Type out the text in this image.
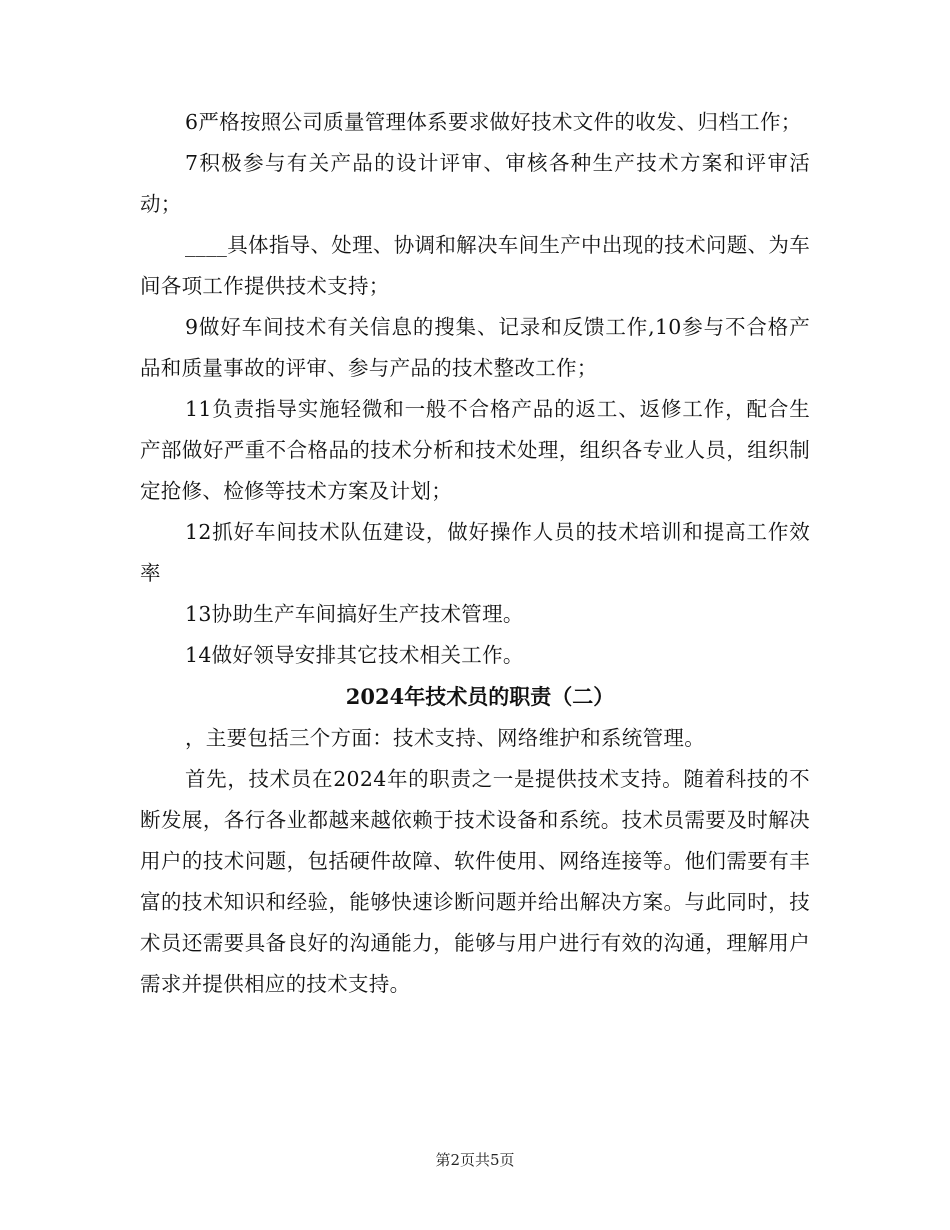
6严格按照公司质量管理体系要求做好技术文件的收发、归档工作；

7积极参与有关产品的设计评审、审核各种生产技术方案和评审活动；

____具体指导、处理、协调和解决车间生产中出现的技术问题、为车间各项工作提供技术支持；

9做好车间技术有关信息的搜集、记录和反馈工作,10参与不合格产品和质量事故的评审、参与产品的技术整改工作；

11负责指导实施轻微和一般不合格产品的返工、返修工作，配合生产部做好严重不合格品的技术分析和技术处理，组织各专业人员，组织制定抢修、检修等技术方案及计划；

12抓好车间技术队伍建设，做好操作人员的技术培训和提高工作效率

13协助生产车间搞好生产技术管理。

14做好领导安排其它技术相关工作。

2024年技术员的职责（二）

，主要包括三个方面：技术支持、网络维护和系统管理。

首先，技术员在2024年的职责之一是提供技术支持。随着科技的不断发展，各行各业都越来越依赖于技术设备和系统。技术员需要及时解决用户的技术问题，包括硬件故障、软件使用、网络连接等。他们需要有丰富的技术知识和经验，能够快速诊断问题并给出解决方案。与此同时，技术员还需要具备良好的沟通能力，能够与用户进行有效的沟通，理解用户需求并提供相应的技术支持。

第2页共5页
